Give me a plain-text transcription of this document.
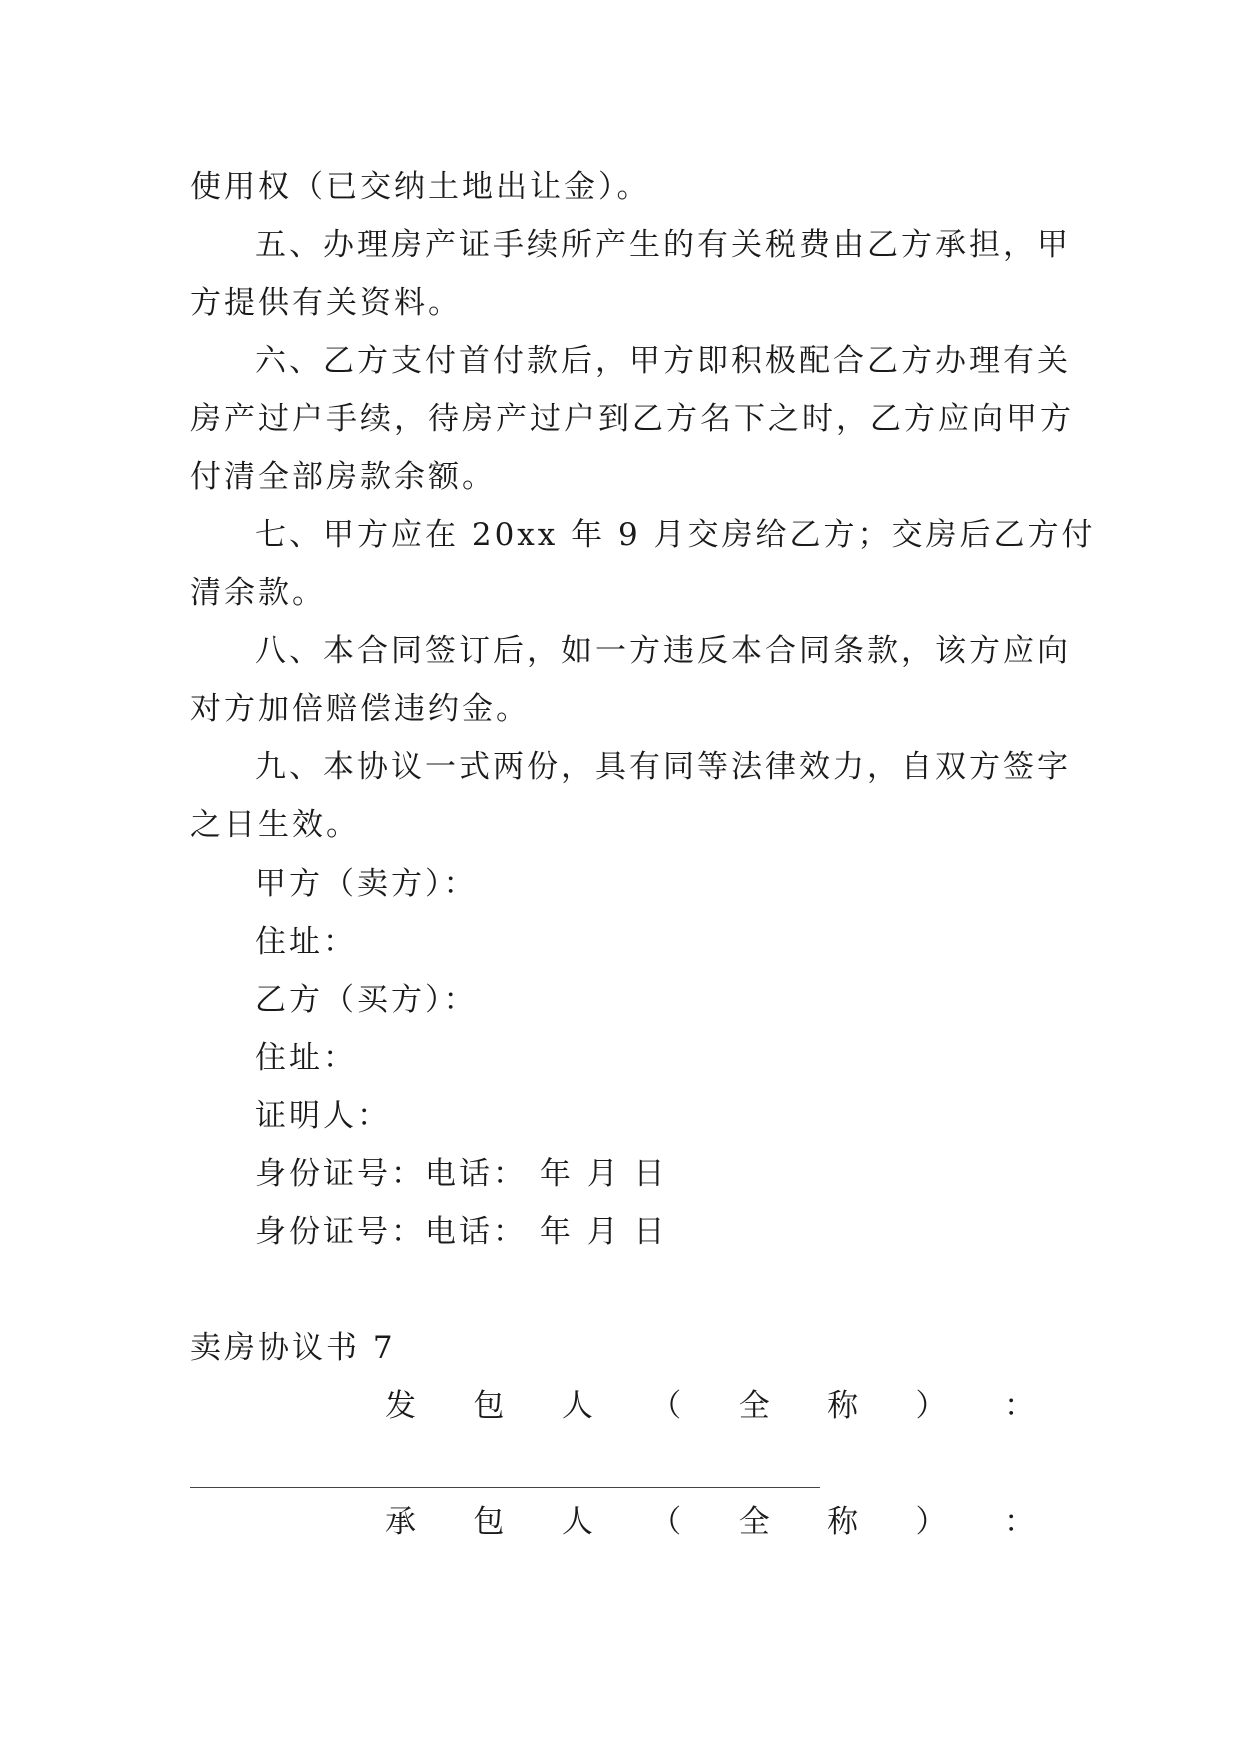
使用权（已交纳土地出让金）。
五、办理房产证手续所产生的有关税费由乙方承担，甲
方提供有关资料。
六、乙方支付首付款后，甲方即积极配合乙方办理有关
房产过户手续，待房产过户到乙方名下之时，乙方应向甲方
付清全部房款余额。
七、甲方应在 20xx 年 9 月交房给乙方；交房后乙方付
清余款。
八、本合同签订后，如一方违反本合同条款，该方应向
对方加倍赔偿违约金。
九、本协议一式两份，具有同等法律效力，自双方签字
之日生效。
甲方（卖方）：
住址：
乙方（买方）：
住址：
证明人：
身份证号：电话： 年 月 日
身份证号：电话： 年 月 日
卖房协议书 7
发 包 人 （ 全 称 ） ：
承 包 人 （ 全 称 ） ：
